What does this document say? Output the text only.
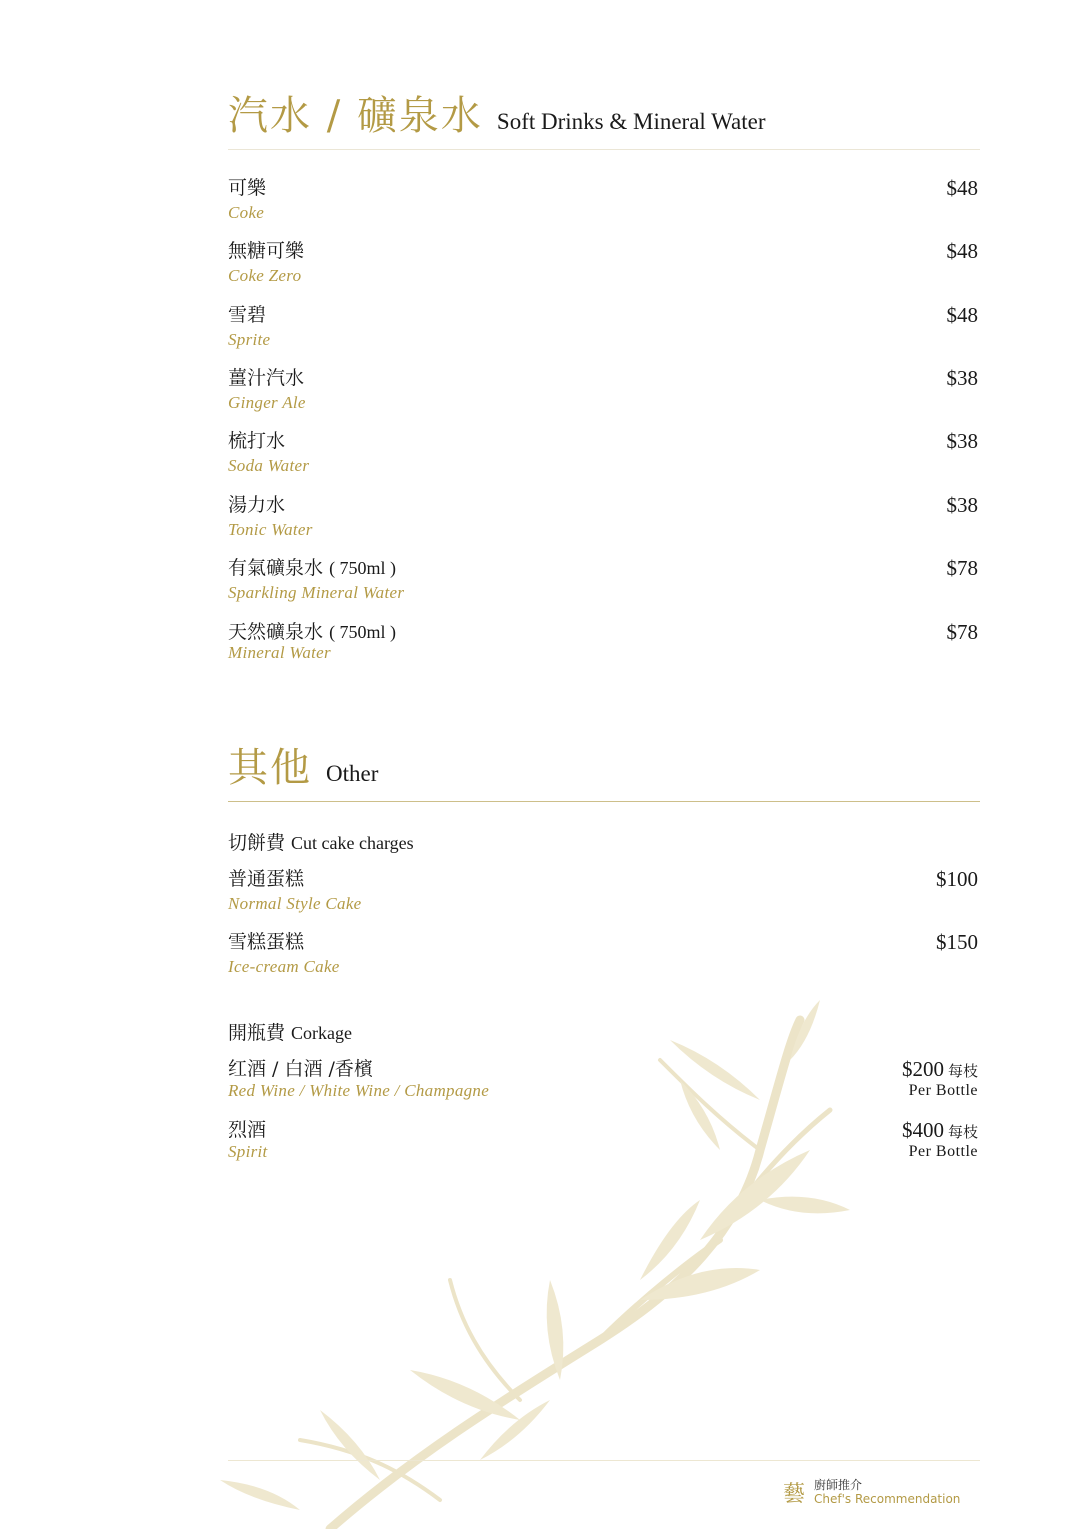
汽水 / 礦泉水 Soft Drinks & Mineral Water
可樂
Coke
$48
無糖可樂
Coke Zero
$48
雪碧
Sprite
$48
薑汁汽水
Ginger Ale
$38
梳打水
Soda Water
$38
湯力水
Tonic Water
$38
有氣礦泉水 ( 750ml )
Sparkling Mineral Water
$78
天然礦泉水 ( 750ml )
Mineral Water
$78
其他 Other
切餅費 Cut cake charges
普通蛋糕
Normal Style Cake
$100
雪糕蛋糕
Ice-cream Cake
$150
開瓶費 Corkage
红酒 / 白酒 /香檳
Red Wine / White Wine / Champagne
$200 每枝
Per Bottle
烈酒
Spirit
$400 每枝
Per Bottle
藝 廚師推介
Chef's Recommendation
